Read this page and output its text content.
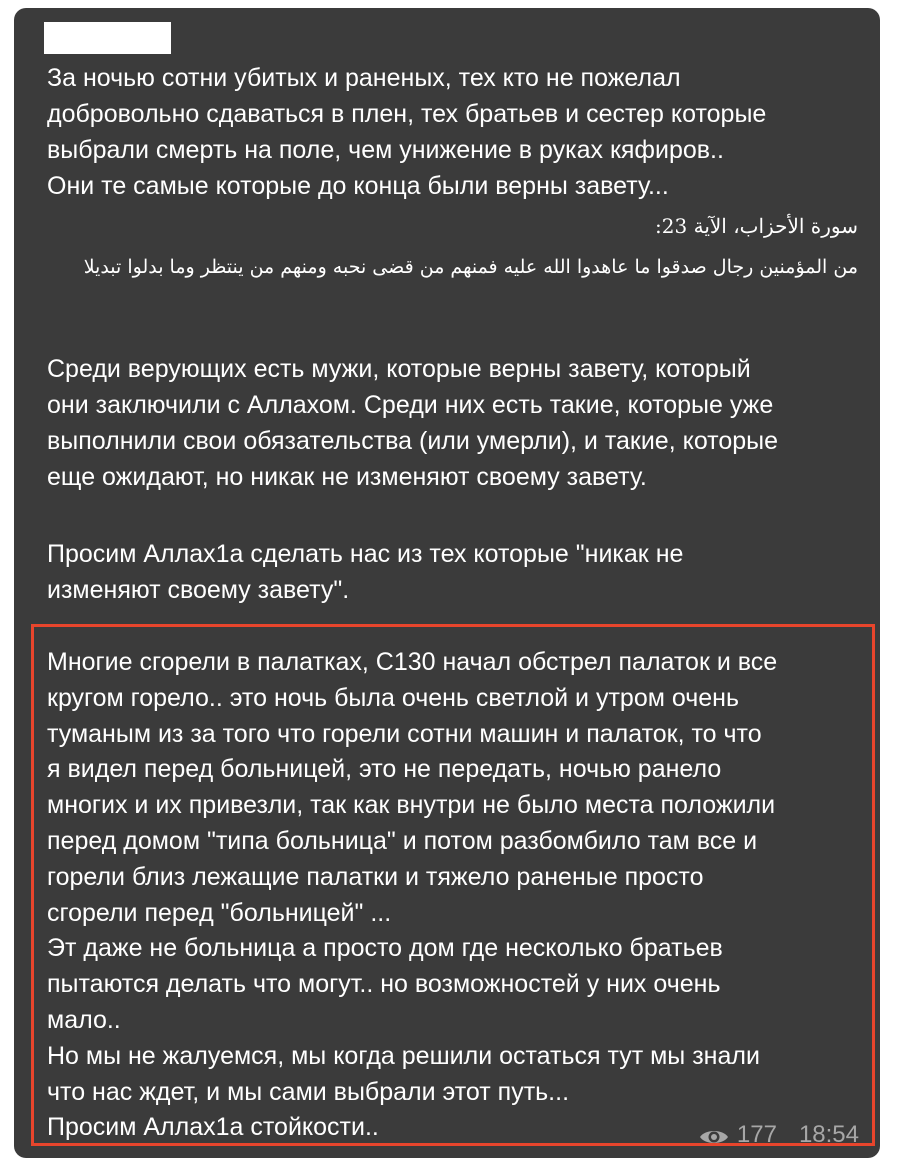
За ночью сотни убитых и раненых, тех кто не пожелал
добровольно сдаваться в плен, тех братьев и сестер которые
выбрали смерть на поле, чем унижение в руках кяфиров..
Они те самые которые до конца были верны завету...

سورة الأحزاب، الآية 23:

من المؤمنين رجال صدقوا ما عاهدوا الله عليه فمنهم من قضى نحبه ومنهم من ينتظر وما بدلوا تبديلا

Среди верующих есть мужи, которые верны завету, который
они заключили с Аллахом. Среди них есть такие, которые уже
выполнили свои обязательства (или умерли), и такие, которые
еще ожидают, но никак не изменяют своему завету.

Просим Аллах1а сделать нас из тех которые "никак не
изменяют своему завету".

Многие сгорели в палатках, С130 начал обстрел палаток и все
кругом горело.. это ночь была очень светлой и утром очень
туманым из за того что горели сотни машин и палаток, то что
я видел перед больницей, это не передать, ночью ранело
многих и их привезли, так как внутри не было места положили
перед домом "типа больница" и потом разбомбило там все и
горели близ лежащие палатки и тяжело раненые просто
сгорели перед "больницей" ...
Эт даже не больница а просто дом где несколько братьев
пытаются делать что могут.. но возможностей у них очень
мало..
Но мы не жалуемся, мы когда решили остаться тут мы знали
что нас ждет, и мы сами выбрали этот путь...
Просим Аллах1а стойкости..	177 18:54
